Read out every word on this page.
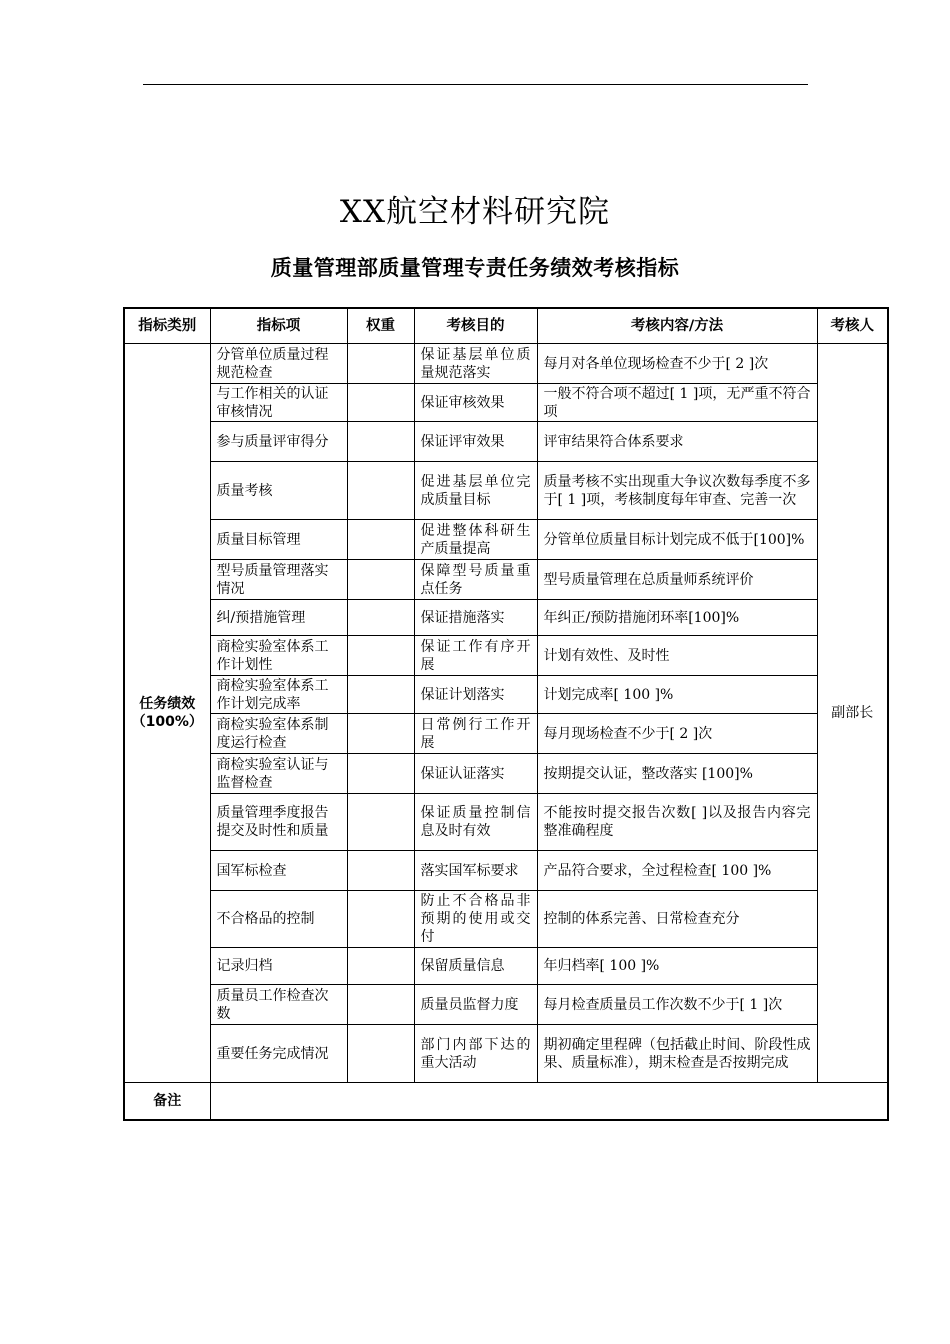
XX航空材料研究院
质量管理部质量管理专责任务绩效考核指标
指标类别	指标项	权重	考核目的	考核内容/方法	考核人

任务绩效
（100%）	分管单位质量过程规范检查		保证基层单位质量规范落实	每月对各单位现场检查不少于[ 2 ]次	副部长
	与工作相关的认证审核情况		保证审核效果	一般不符合项不超过[ 1 ]项，无严重不符合项	
	参与质量评审得分		保证评审效果	评审结果符合体系要求	
	质量考核		促进基层单位完成质量目标	质量考核不实出现重大争议次数每季度不多于[ 1 ]项，考核制度每年审查、完善一次	
	质量目标管理		促进整体科研生产质量提高	分管单位质量目标计划完成不低于[100]%	
	型号质量管理落实情况		保障型号质量重点任务	型号质量管理在总质量师系统评价	
	纠/预措施管理		保证措施落实	年纠正/预防措施闭环率[100]%	
	商检实验室体系工作计划性		保证工作有序开展	计划有效性、及时性	
	商检实验室体系工作计划完成率		保证计划落实	计划完成率[ 100 ]%	
	商检实验室体系制度运行检查		日常例行工作开展	每月现场检查不少于[ 2 ]次	
	商检实验室认证与监督检查		保证认证落实	按期提交认证，整改落实 [100]%	
	质量管理季度报告提交及时性和质量		保证质量控制信息及时有效	不能按时提交报告次数[ ]以及报告内容完整准确程度	
	国军标检查		落实国军标要求	产品符合要求，全过程检查[ 100 ]%	
	不合格品的控制		防止不合格品非预期的使用或交付	控制的体系完善、日常检查充分	
	记录归档		保留质量信息	年归档率[ 100 ]%	
	质量员工作检查次数		质量员监督力度	每月检查质量员工作次数不少于[ 1 ]次	
	重要任务完成情况		部门内部下达的重大活动	期初确定里程碑（包括截止时间、阶段性成果、质量标准），期末检查是否按期完成	
备注					
